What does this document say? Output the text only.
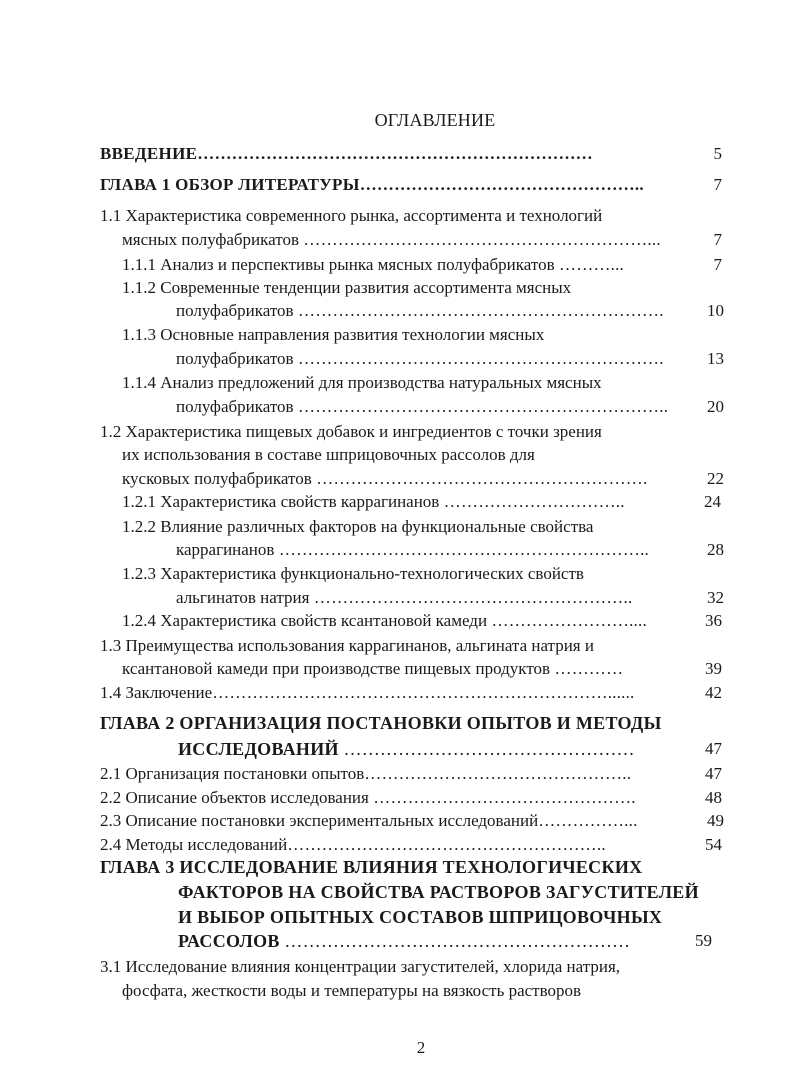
ОГЛАВЛЕНИЕ
ВВЕДЕНИЕ……………………………………………………………	5
ГЛАВА 1 ОБЗОР ЛИТЕРАТУРЫ…………………………………………..	7
1.1 Характеристика современного рынка, ассортимента и технологий
мясных полуфабрикатов ……………………………………………………...	7
1.1.1 Анализ и перспективы рынка мясных полуфабрикатов ………...	7
1.1.2 Современные тенденции развития ассортимента мясных
полуфабрикатов ……………………………………………………….	10
1.1.3 Основные направления развития технологии мясных
полуфабрикатов ……………………………………………………….	13
1.1.4 Анализ предложений для производства натуральных мясных
полуфабрикатов ………………………………………………………..	20
1.2 Характеристика пищевых добавок и ингредиентов с точки зрения
их использования в составе шприцовочных рассолов для
кусковых полуфабрикатов ………………………………………………….	22
1.2.1 Характеристика свойств каррагинанов …………………………..	24
1.2.2 Влияние различных факторов на функциональные свойства
каррагинанов ………………………………………………………..	28
1.2.3 Характеристика функционально-технологических свойств
альгинатов натрия ………………………………………………..	32
1.2.4 Характеристика свойств ксантановой камеди ……………………....	36
1.3 Преимущества использования каррагинанов, альгината натрия и
ксантановой камеди при производстве пищевых продуктов …………	39
1.4 Заключение……………………………………………………………......	42
ГЛАВА 2 ОРГАНИЗАЦИЯ ПОСТАНОВКИ ОПЫТОВ И МЕТОДЫ
ИССЛЕДОВАНИЙ …………………………………………	47
2.1 Организация постановки опытов………………………………………..	47
2.2 Описание объектов исследования ……………………………………….	48
2.3 Описание постановки экспериментальных исследований……………...	49
2.4 Методы исследований………………………………………………..	54
ГЛАВА 3 ИССЛЕДОВАНИЕ ВЛИЯНИЯ ТЕХНОЛОГИЧЕСКИХ
ФАКТОРОВ НА СВОЙСТВА РАСТВОРОВ ЗАГУСТИТЕЛЕЙ
И ВЫБОР ОПЫТНЫХ СОСТАВОВ ШПРИЦОВОЧНЫХ
РАССОЛОВ …………………………………………………	59
3.1 Исследование влияния концентрации загустителей, хлорида натрия,
фосфата, жесткости воды и температуры на вязкость растворов
2
